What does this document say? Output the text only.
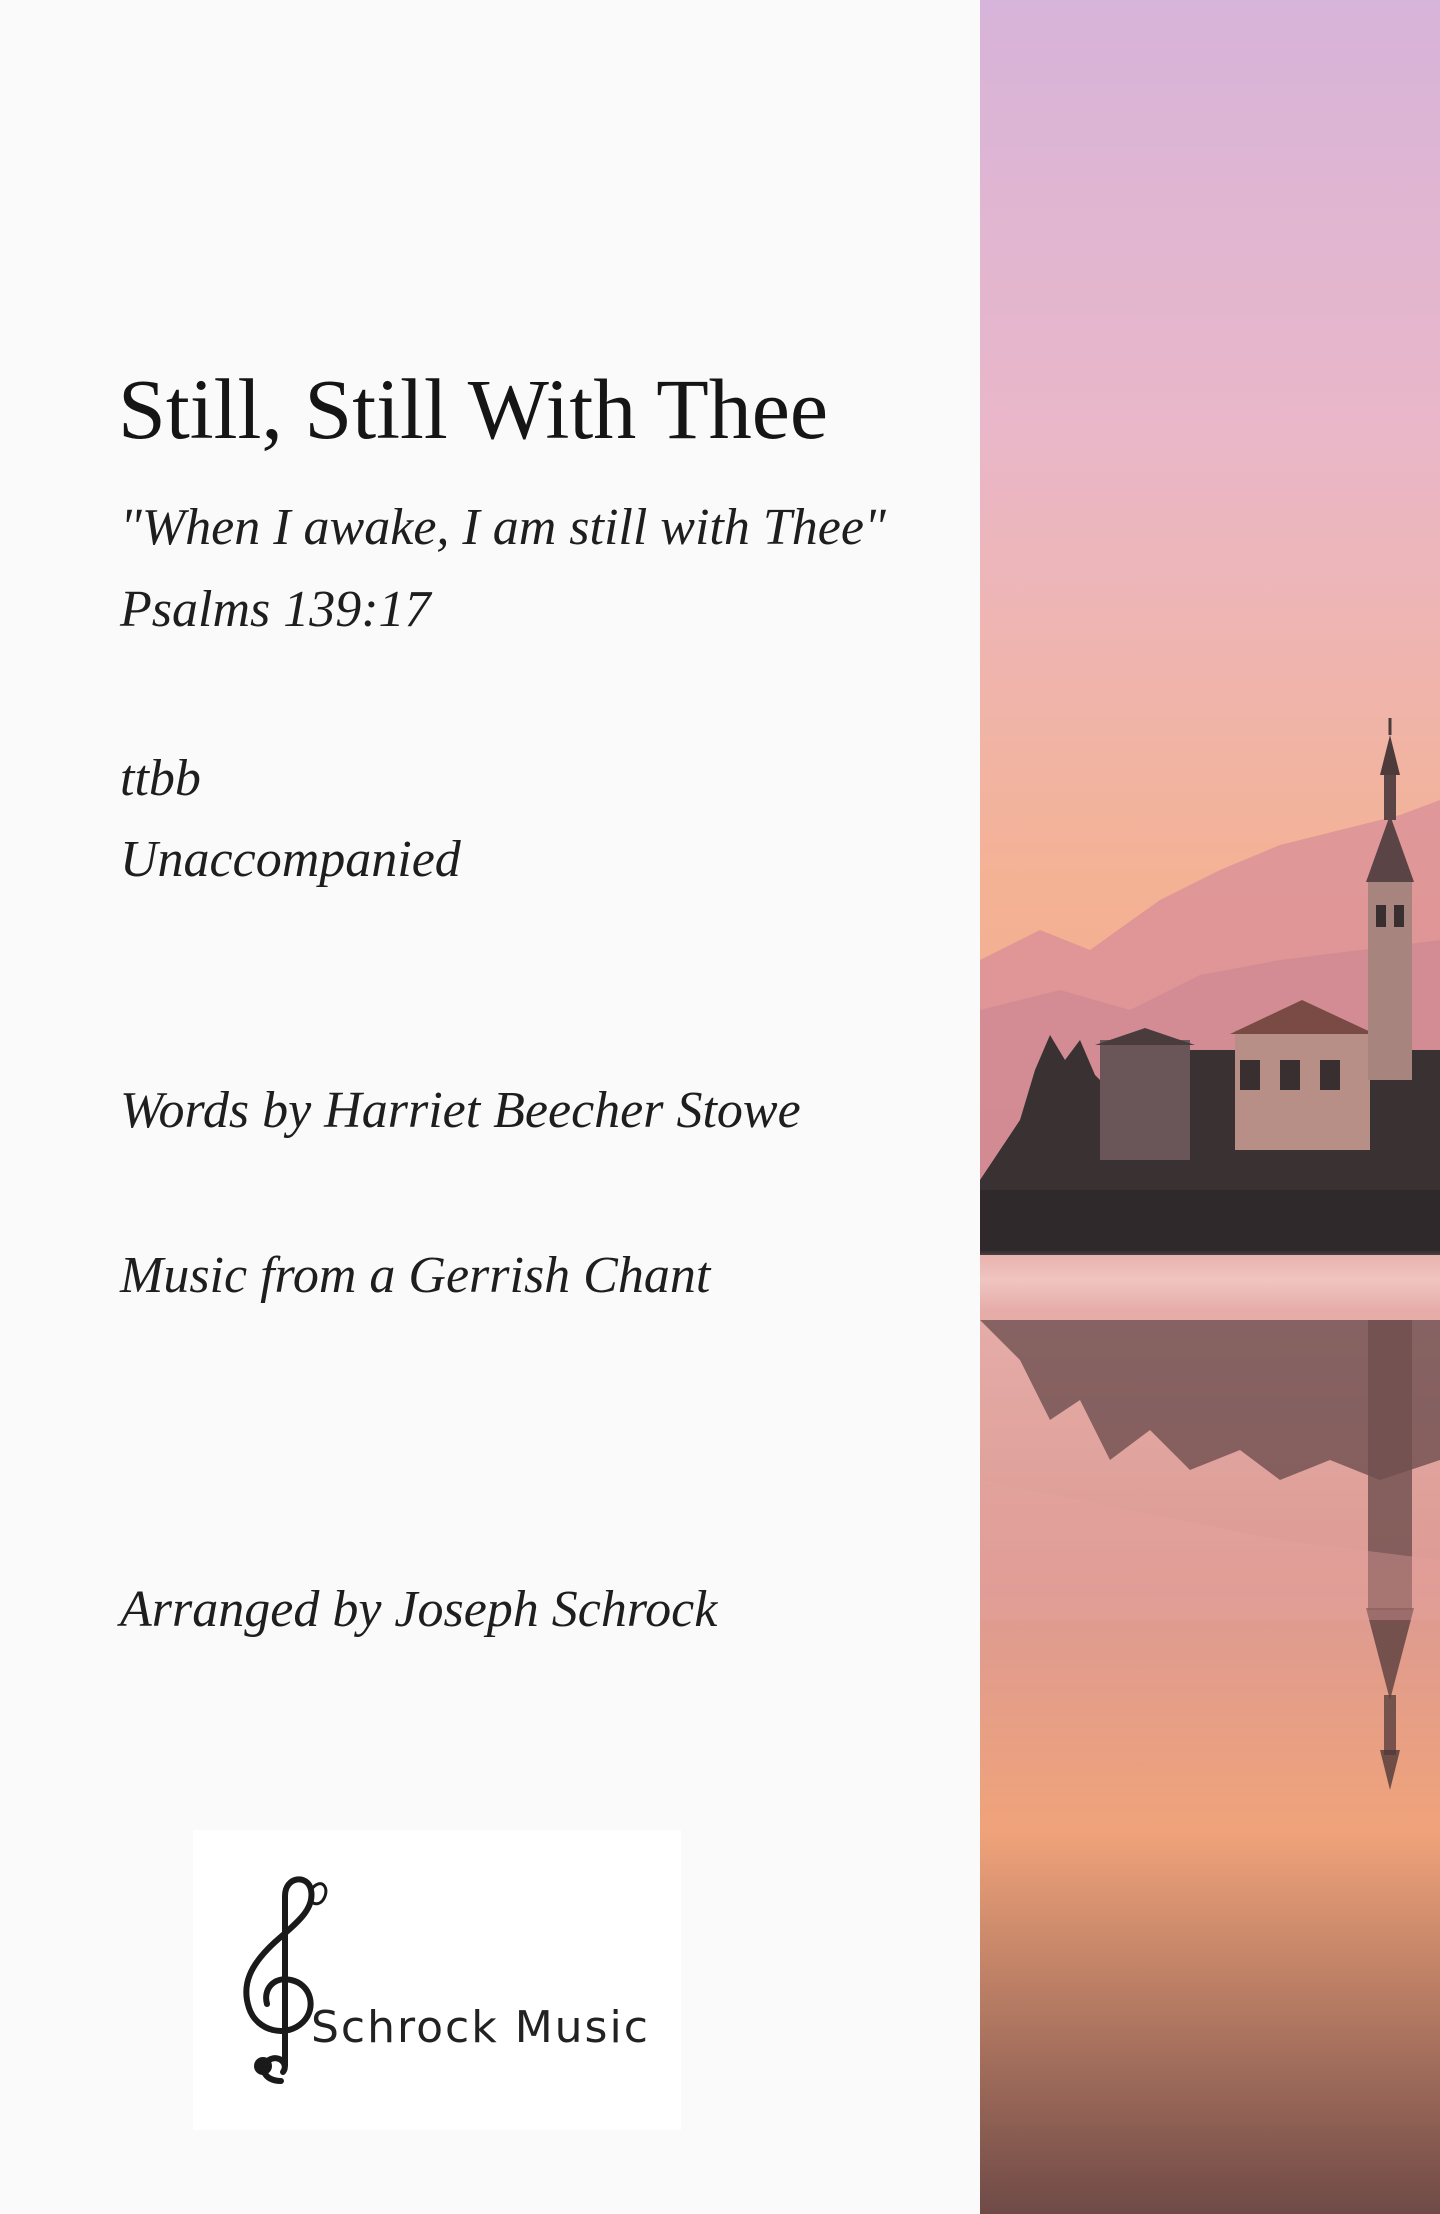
Still, Still With Thee
"When I awake, I am still with Thee"
Psalms 139:17
ttbb
Unaccompanied
Words by Harriet Beecher Stowe
Music from a Gerrish Chant
Arranged by Joseph Schrock
Schrock Music
